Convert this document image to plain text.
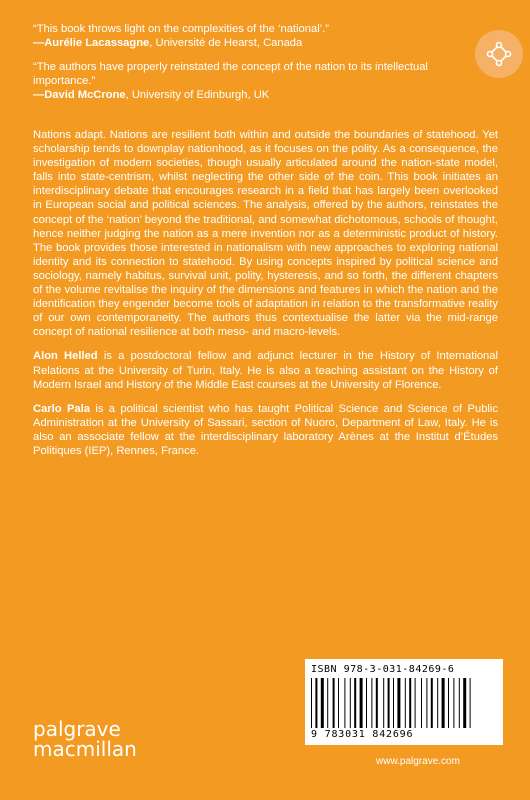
“This book throws light on the complexities of the ‘national’.”
—Aurélie Lacassagne, Université de Hearst, Canada
“The authors have properly reinstated the concept of the nation to its intellectual importance.”
—David McCrone, University of Edinburgh, UK

Nations adapt. Nations are resilient both within and outside the boundaries of statehood. Yet scholarship tends to downplay nationhood, as it focuses on the polity. As a consequence, the investigation of modern societies, though usually articulated around the nation-state model, falls into state-centrism, whilst neglecting the other side of the coin. This book initiates an interdisciplinary debate that encourages research in a field that has largely been overlooked in European social and political sciences. The analysis, offered by the authors, reinstates the concept of the ‘nation’ beyond the traditional, and somewhat dichotomous, schools of thought, hence neither judging the nation as a mere invention nor as a deterministic product of history. The book provides those interested in nationalism with new approaches to exploring national identity and its connection to statehood. By using concepts inspired by political science and sociology, namely habitus, survival unit, polity, hysteresis, and so forth, the different chapters of the volume revitalise the inquiry of the dimensions and features in which the nation and the identification they engender become tools of adaptation in relation to the transformative reality of our own contemporaneity. The authors thus contextualise the latter via the mid-range concept of national resilience at both meso- and macro-levels.

Alon Helled is a postdoctoral fellow and adjunct lecturer in the History of International Relations at the University of Turin, Italy. He is also a teaching assistant on the History of Modern Israel and History of the Middle East courses at the University of Florence.

Carlo Pala is a political scientist who has taught Political Science and Science of Public Administration at the University of Sassari, section of Nuoro, Department of Law, Italy. He is also an associate fellow at the interdisciplinary laboratory Arènes at the Institut d’Études Politiques (IEP), Rennes, France.

palgrave
macmillan
ISBN 978-3-031-84269-6
9 783031 842696
www.palgrave.com
